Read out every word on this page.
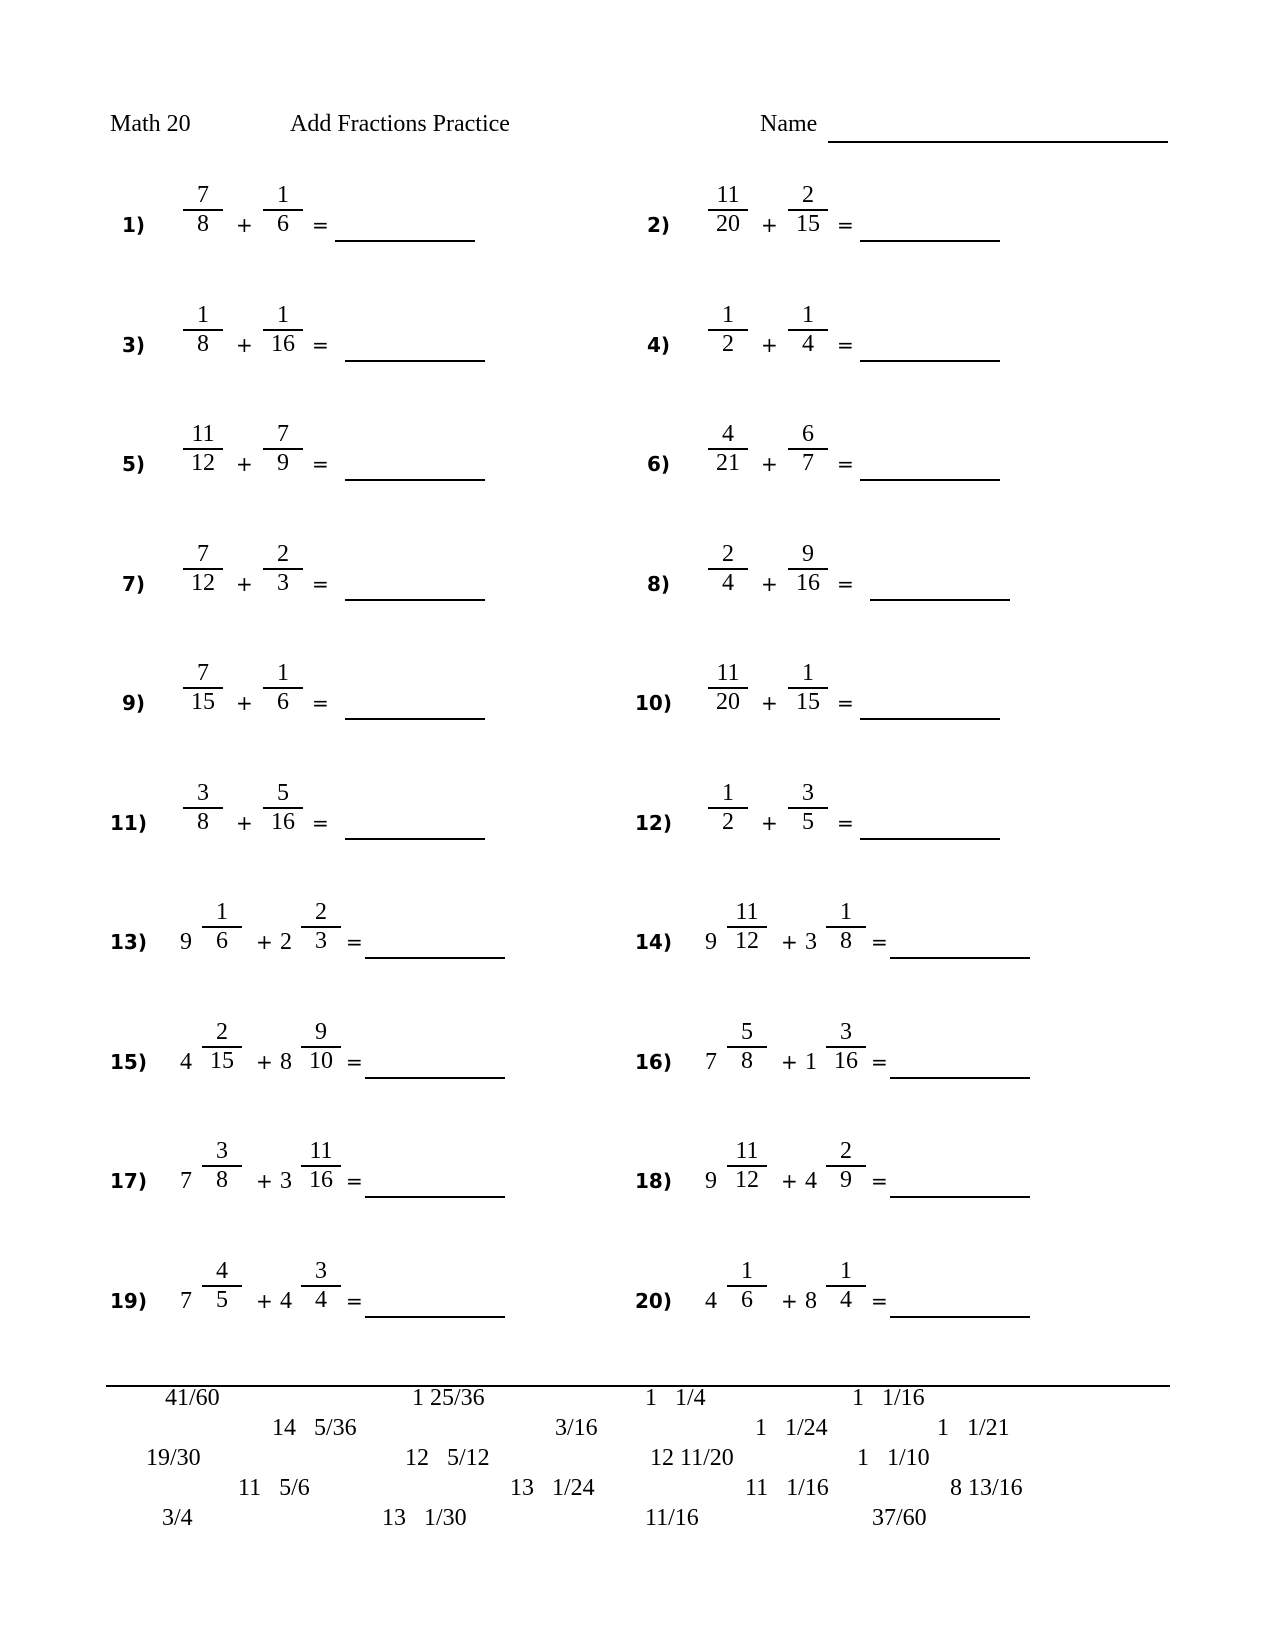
Math 20	Add Fractions Practice	Name
1)
7
8	+
1
6	=	2)
11
20	+
2
15 =
3)
1
8	+
1
16 =	4)
1
2	+
1
4	=
5)
11
12	+
7
9	=	6)
4
21	+
6
7	=
7)
7
12	+
2
3	=	8)
2
4	+
9
16 =
9)
7
15	+
1
6	=	10)
11
20	+
1
15 =
11)
3
8	+
5
16 =	12)
1
2	+
3
5	=
13)	9
1
6	+ 2
2
3 =	14)	9
11
12	+ 3
1
8 =
15)	4
2
15	+ 8
9
10 =	16)	7
5
8	+ 1
3
16 =
17)	7
3
8	+ 3
11
16 =	18)	9
11
12	+ 4
2
9 =
19)	7
4
5	+ 4
3
4 =	20)	4
1
6	+ 8
1
4 =
41/60	1 25/36	1   1/4	1   1/16
14   5/36	3/16	1   1/24	1   1/21
19/30	12   5/12	12 11/20	1   1/10
11   5/6	13   1/24	11   1/16	8 13/16
3/4	13   1/30	11/16	37/60
